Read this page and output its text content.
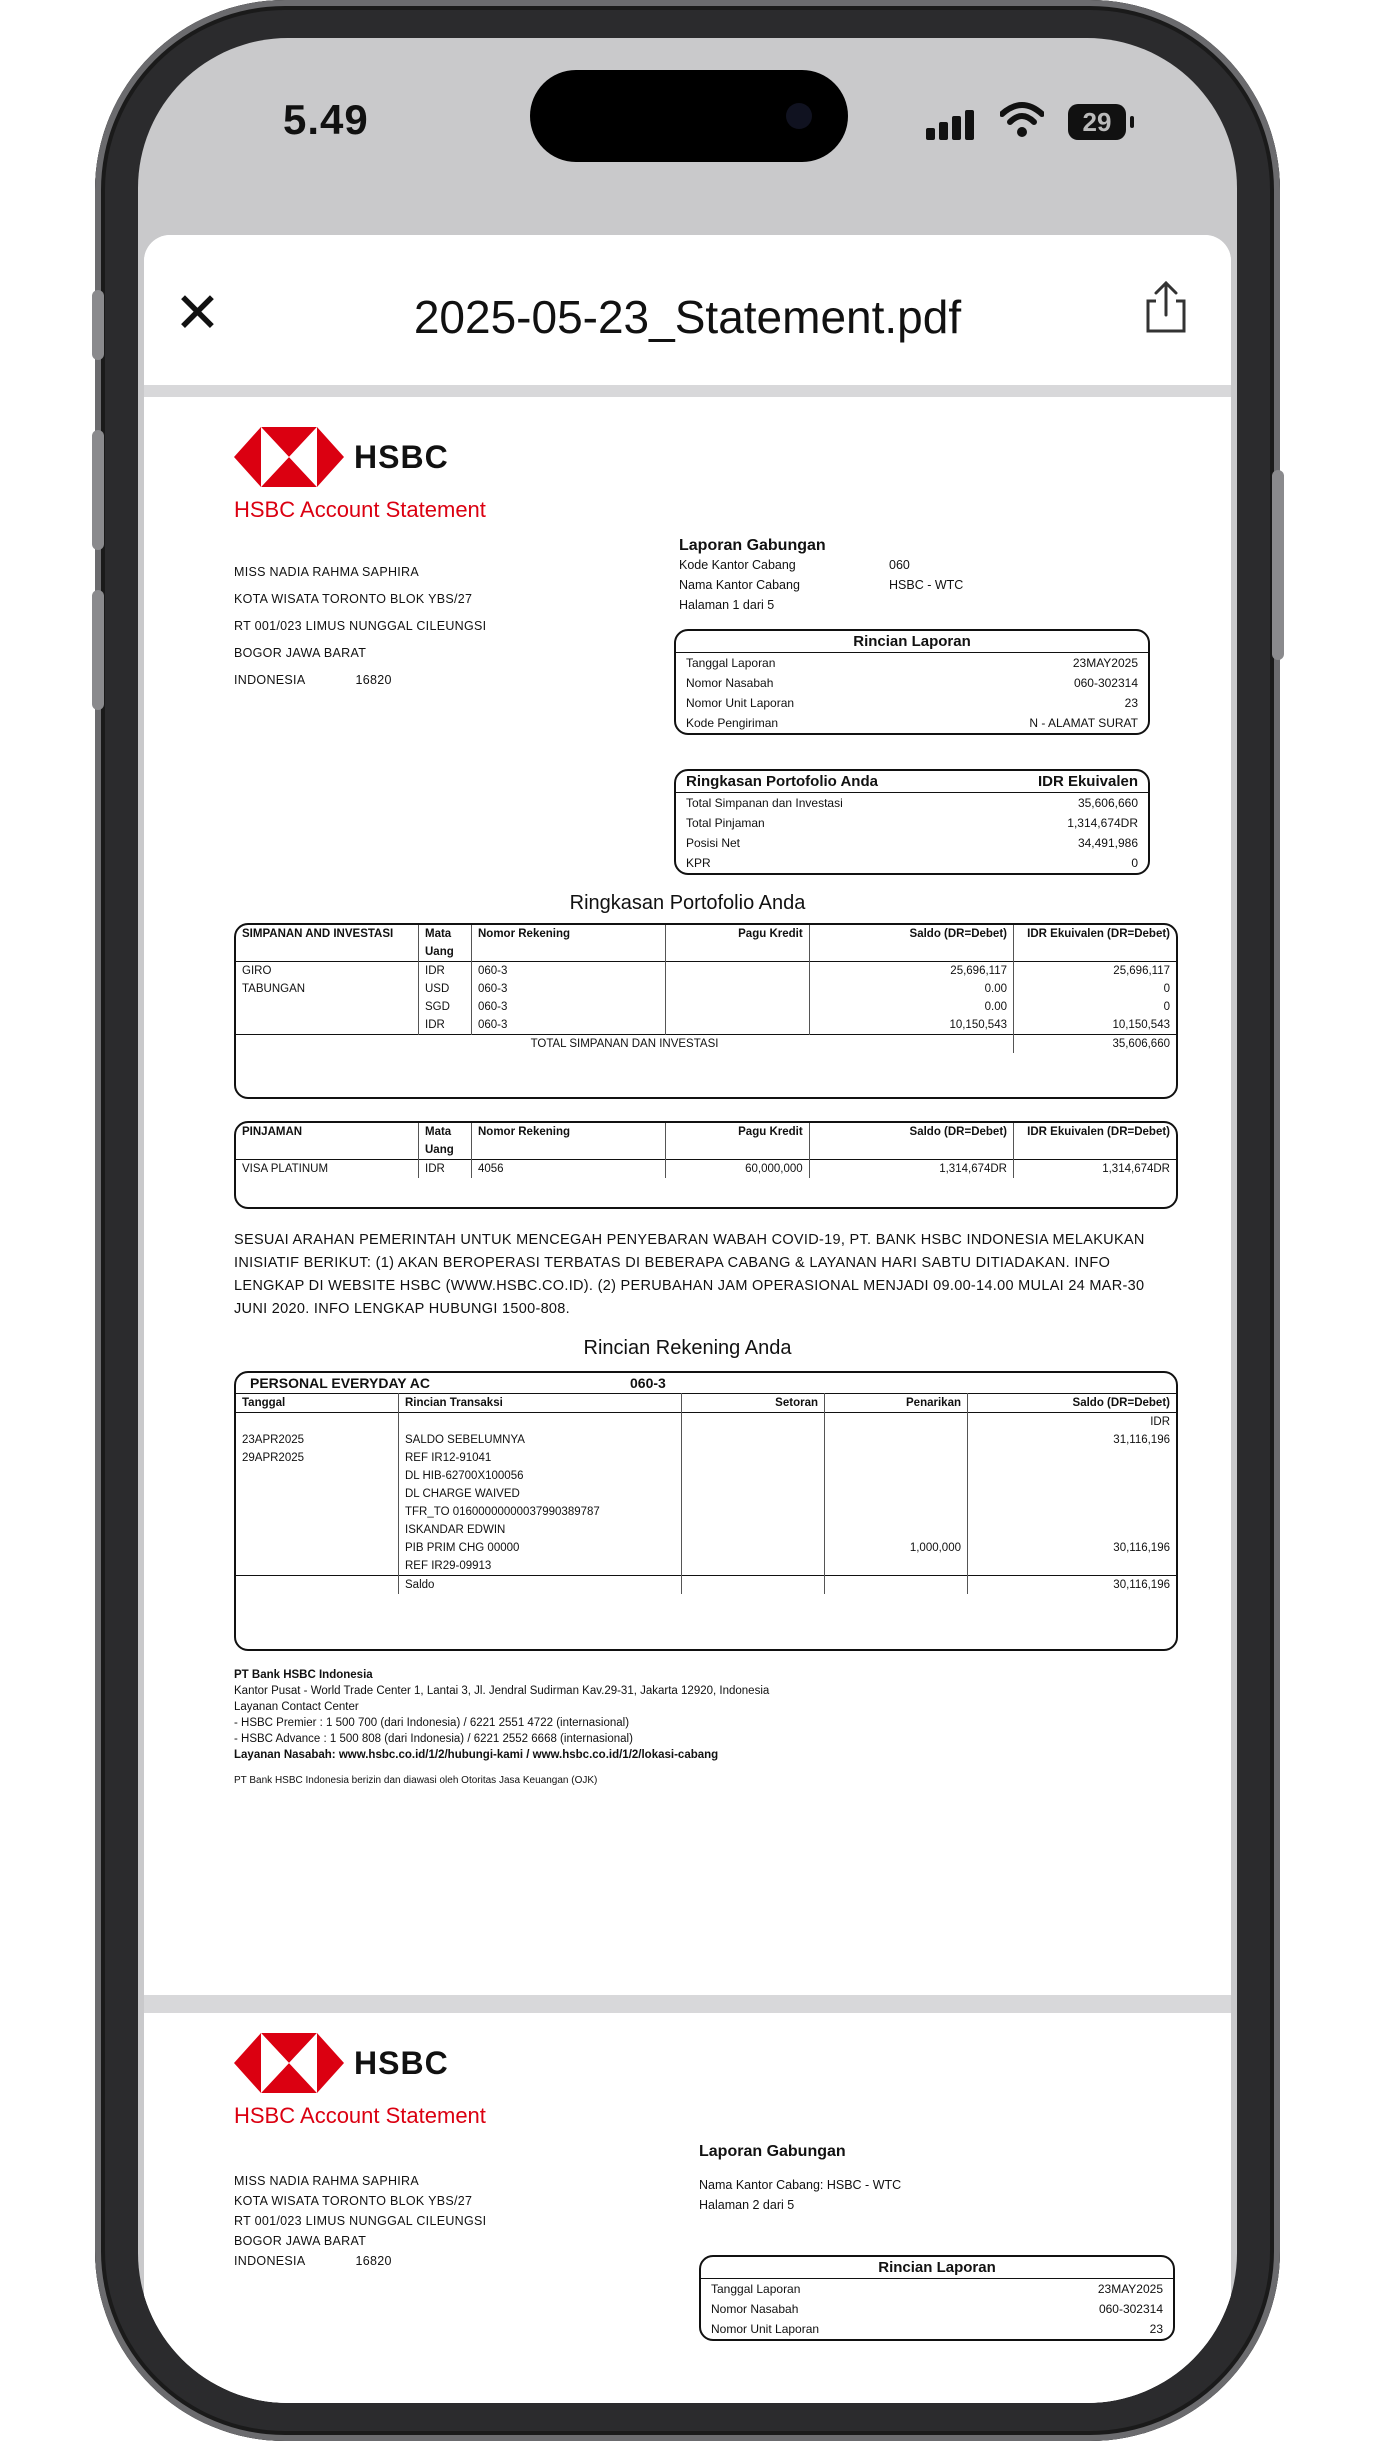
5.49	29
✕	2025-05-23_Statement.pdf
HSBC
HSBC Account Statement
MISS NADIA RAHMA SAPHIRA
KOTA WISATA TORONTO BLOK YBS/27
RT 001/023 LIMUS NUNGGAL CILEUNGSI
BOGOR JAWA BARAT
INDONESIA	16820
Laporan Gabungan
Kode Kantor Cabang	060
Nama Kantor Cabang	HSBC - WTC
Halaman 1 dari 5
Rincian Laporan
Tanggal Laporan	23MAY2025
Nomor Nasabah	060-302314
Nomor Unit Laporan	23
Kode Pengiriman	N - ALAMAT SURAT
Ringkasan Portofolio Anda	IDR Ekuivalen
Total Simpanan dan Investasi	35,606,660
Total Pinjaman	1,314,674DR
Posisi Net	34,491,986
KPR	0
Ringkasan Portofolio Anda
SIMPANAN AND INVESTASI	Mata Uang	Nomor Rekening	Pagu Kredit	Saldo (DR=Debet)	IDR Ekuivalen (DR=Debet)
GIRO	IDR	060-3		25,696,117	25,696,117
TABUNGAN	USD	060-3		0.00	0
	SGD	060-3		0.00	0
	IDR	060-3		10,150,543	10,150,543
TOTAL SIMPANAN DAN INVESTASI					35,606,660
PINJAMAN	Mata Uang	Nomor Rekening	Pagu Kredit	Saldo (DR=Debet)	IDR Ekuivalen (DR=Debet)
VISA PLATINUM	IDR	4056	60,000,000	1,314,674DR	1,314,674DR
SESUAI ARAHAN PEMERINTAH UNTUK MENCEGAH PENYEBARAN WABAH COVID-19, PT. BANK HSBC INDONESIA MELAKUKAN INISIATIF BERIKUT: (1) AKAN BEROPERASI TERBATAS DI BEBERAPA CABANG & LAYANAN HARI SABTU DITIADAKAN. INFO LENGKAP DI WEBSITE HSBC (WWW.HSBC.CO.ID). (2) PERUBAHAN JAM OPERASIONAL MENJADI 09.00-14.00 MULAI 24 MAR-30 JUNI 2020. INFO LENGKAP HUBUNGI 1500-808.
Rincian Rekening Anda
PERSONAL EVERYDAY AC	060-3
Tanggal	Rincian Transaksi	Setoran	Penarikan	Saldo (DR=Debet)
				IDR
23APR2025	SALDO SEBELUMNYA			31,116,196
29APR2025	REF IR12-91041			
	DL HIB-62700X100056			
	DL CHARGE WAIVED			
	TFR_TO 01600000000037990389787			
	ISKANDAR EDWIN			
	PIB PRIM CHG 00000		1,000,000	30,116,196
	REF IR29-09913			
	Saldo			30,116,196
PT Bank HSBC Indonesia
Kantor Pusat - World Trade Center 1, Lantai 3, Jl. Jendral Sudirman Kav.29-31, Jakarta 12920, Indonesia
Layanan Contact Center
- HSBC Premier : 1 500 700 (dari Indonesia) / 6221 2551 4722 (internasional)
- HSBC Advance : 1 500 808 (dari Indonesia) / 6221 2552 6668 (internasional)
Layanan Nasabah: www.hsbc.co.id/1/2/hubungi-kami / www.hsbc.co.id/1/2/lokasi-cabang
PT Bank HSBC Indonesia berizin dan diawasi oleh Otoritas Jasa Keuangan (OJK)
HSBC
HSBC Account Statement
MISS NADIA RAHMA SAPHIRA
KOTA WISATA TORONTO BLOK YBS/27
RT 001/023 LIMUS NUNGGAL CILEUNGSI
BOGOR JAWA BARAT
INDONESIA	16820
Laporan Gabungan
Nama Kantor Cabang: HSBC - WTC
Halaman 2 dari 5
Rincian Laporan
Tanggal Laporan	23MAY2025
Nomor Nasabah	060-302314
Nomor Unit Laporan	23
